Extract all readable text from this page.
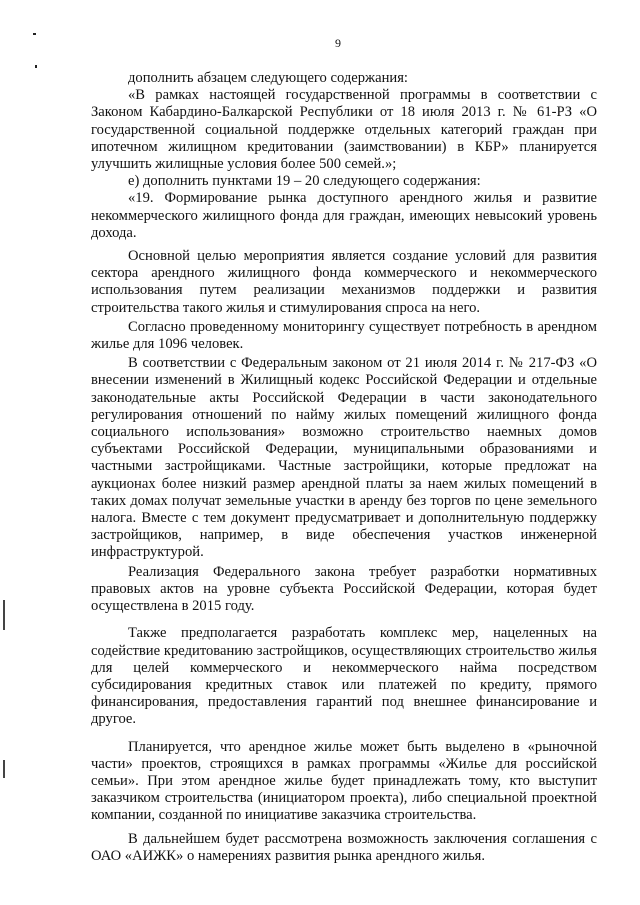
9

дополнить абзацем следующего содержания:

«В рамках настоящей государственной программы в соответствии с Законом Кабардино-Балкарской Республики от 18 июля 2013 г. № 61-РЗ «О государственной социальной поддержке отдельных категорий граждан при ипотечном жилищном кредитовании (заимствовании) в КБР» планируется улучшить жилищные условия более 500 семей.»;

е) дополнить пунктами 19 – 20 следующего содержания:

«19. Формирование рынка доступного арендного жилья и развитие некоммерческого жилищного фонда для граждан, имеющих невысокий уровень дохода.

Основной целью мероприятия является создание условий для развития сектора арендного жилищного фонда коммерческого и некоммерческого использования путем реализации механизмов поддержки и развития строительства такого жилья и стимулирования спроса на него.

Согласно проведенному мониторингу существует потребность в арендном жилье для 1096 человек.

В соответствии с Федеральным законом от 21 июля 2014 г. № 217-ФЗ «О внесении изменений в Жилищный кодекс Российской Федерации и отдельные законодательные акты Российской Федерации в части законодательного регулирования отношений по найму жилых помещений жилищного фонда социального использования» возможно строительство наемных домов субъектами Российской Федерации, муниципальными образованиями и частными застройщиками. Частные застройщики, которые предложат на аукционах более низкий размер арендной платы за наем жилых помещений в таких домах получат земельные участки в аренду без торгов по цене земельного налога. Вместе с тем документ предусматривает и дополнительную поддержку застройщиков, например, в виде обеспечения участков инженерной инфраструктурой.

Реализация Федерального закона требует разработки нормативных правовых актов на уровне субъекта Российской Федерации, которая будет осуществлена в 2015 году.

Также предполагается разработать комплекс мер, нацеленных на содействие кредитованию застройщиков, осуществляющих строительство жилья для целей коммерческого и некоммерческого найма посредством субсидирования кредитных ставок или платежей по кредиту, прямого финансирования, предоставления гарантий под внешнее финансирование и другое.

Планируется, что арендное жилье может быть выделено в «рыночной части» проектов, строящихся в рамках программы «Жилье для российской семьи». При этом арендное жилье будет принадлежать тому, кто выступит заказчиком строительства (инициатором проекта), либо специальной проектной компании, созданной по инициативе заказчика строительства.

В дальнейшем будет рассмотрена возможность заключения соглашения с ОАО «АИЖК» о намерениях развития рынка арендного жилья.
